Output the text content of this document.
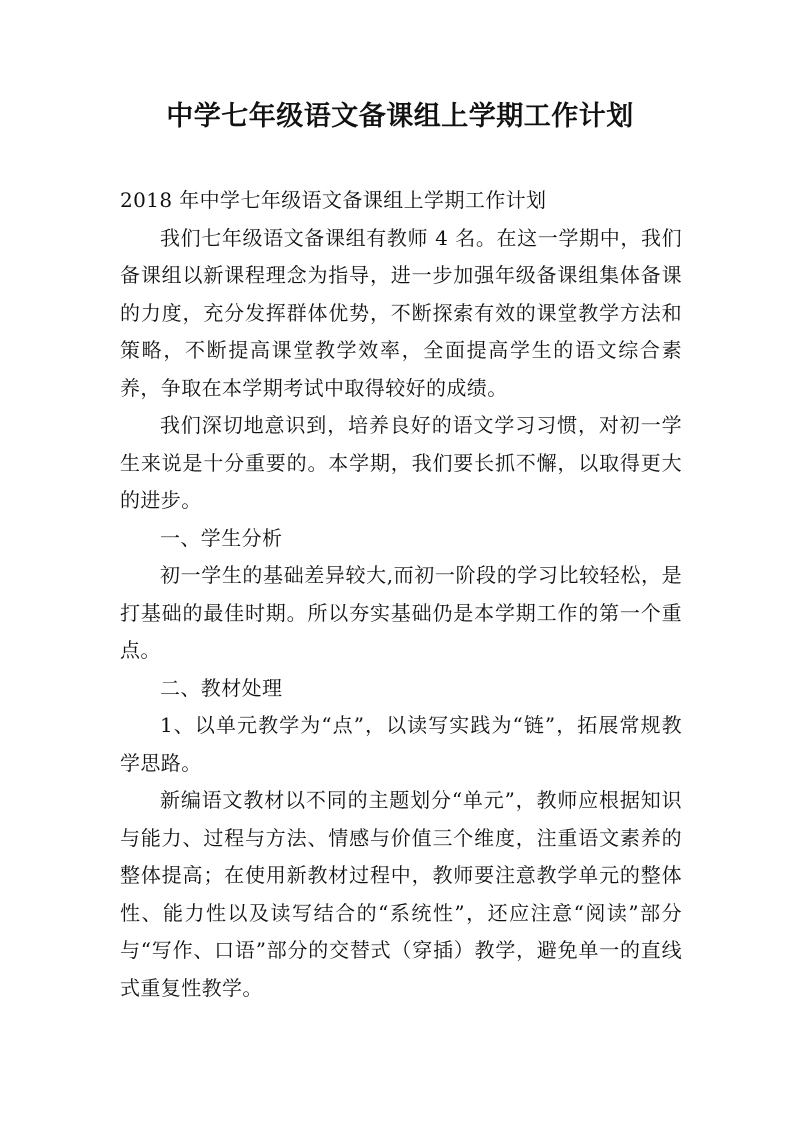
中学七年级语文备课组上学期工作计划

2018 年中学七年级语文备课组上学期工作计划

我们七年级语文备课组有教师 4 名。在这一学期中，我们备课组以新课程理念为指导，进一步加强年级备课组集体备课的力度，充分发挥群体优势，不断探索有效的课堂教学方法和策略，不断提高课堂教学效率，全面提高学生的语文综合素养，争取在本学期考试中取得较好的成绩。

我们深切地意识到，培养良好的语文学习习惯，对初一学生来说是十分重要的。本学期，我们要长抓不懈，以取得更大的进步。

一、学生分析

初一学生的基础差异较大,而初一阶段的学习比较轻松，是打基础的最佳时期。所以夯实基础仍是本学期工作的第一个重点。

二、教材处理

1、以单元教学为“点”，以读写实践为“链”，拓展常规教学思路。

新编语文教材以不同的主题划分“单元”，教师应根据知识与能力、过程与方法、情感与价值三个维度，注重语文素养的整体提高；在使用新教材过程中，教师要注意教学单元的整体性、能力性以及读写结合的“系统性”，还应注意“阅读”部分与“写作、口语”部分的交替式（穿插）教学，避免单一的直线式重复性教学。
